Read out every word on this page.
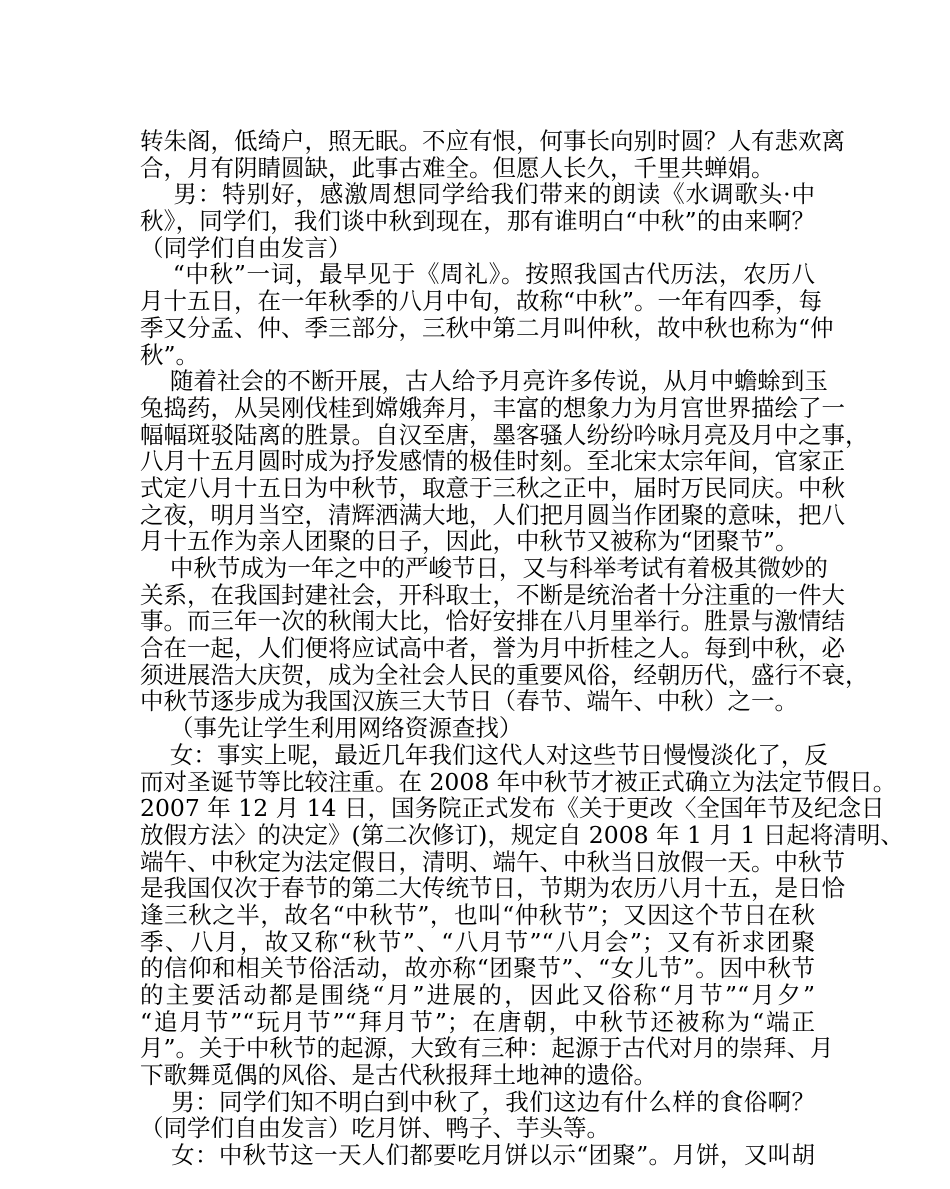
转朱阁，低绮户，照无眠。不应有恨，何事长向别时圆？人有悲欢离
合，月有阴睛圆缺，此事古难全。但愿人长久，千里共蝉娟。
男：特别好，感激周想同学给我们带来的朗读《水调歌头·中
秋》，同学们，我们谈中秋到现在，那有谁明白“中秋”的由来啊？
（同学们自由发言）
“中秋”一词，最早见于《周礼》。按照我国古代历法，农历八
月十五日，在一年秋季的八月中旬，故称“中秋”。一年有四季，每
季又分孟、仲、季三部分，三秋中第二月叫仲秋，故中秋也称为“仲
秋”。
随着社会的不断开展，古人给予月亮许多传说，从月中蟾蜍到玉
兔捣药，从吴刚伐桂到嫦娥奔月，丰富的想象力为月宫世界描绘了一
幅幅斑驳陆离的胜景。自汉至唐，墨客骚人纷纷吟咏月亮及月中之事，
八月十五月圆时成为抒发感情的极佳时刻。至北宋太宗年间，官家正
式定八月十五日为中秋节，取意于三秋之正中，届时万民同庆。中秋
之夜，明月当空，清辉洒满大地，人们把月圆当作团聚的意味，把八
月十五作为亲人团聚的日子，因此，中秋节又被称为“团聚节”。
中秋节成为一年之中的严峻节日，又与科举考试有着极其微妙的
关系，在我国封建社会，开科取士，不断是统治者十分注重的一件大
事。而三年一次的秋闱大比，恰好安排在八月里举行。胜景与激情结
合在一起，人们便将应试高中者，誉为月中折桂之人。每到中秋，必
须进展浩大庆贺，成为全社会人民的重要风俗，经朝历代，盛行不衰，
中秋节逐步成为我国汉族三大节日（春节、端午、中秋）之一。
（事先让学生利用网络资源查找）
女：事实上呢，最近几年我们这代人对这些节日慢慢淡化了，反
而对圣诞节等比较注重。在 2008 年中秋节才被正式确立为法定节假日。
2007 年 12 月 14 日，国务院正式发布《关于更改〈全国年节及纪念日
放假方法〉的决定》(第二次修订)，规定自 2008 年 1 月 1 日起将清明、
端午、中秋定为法定假日，清明、端午、中秋当日放假一天。中秋节
是我国仅次于春节的第二大传统节日，节期为农历八月十五，是日恰
逢三秋之半，故名“中秋节”，也叫“仲秋节”；又因这个节日在秋
季、八月，故又称“秋节”、“八月节”“八月会”；又有祈求团聚
的信仰和相关节俗活动，故亦称“团聚节”、“女儿节”。因中秋节
的主要活动都是围绕“月”进展的，因此又俗称“月节”“月夕”
“追月节”“玩月节”“拜月节”；在唐朝，中秋节还被称为“端正
月”。关于中秋节的起源，大致有三种：起源于古代对月的崇拜、月
下歌舞觅偶的风俗、是古代秋报拜土地神的遗俗。
男：同学们知不明白到中秋了，我们这边有什么样的食俗啊？
（同学们自由发言）吃月饼、鸭子、芋头等。
女：中秋节这一天人们都要吃月饼以示“团聚”。月饼，又叫胡
